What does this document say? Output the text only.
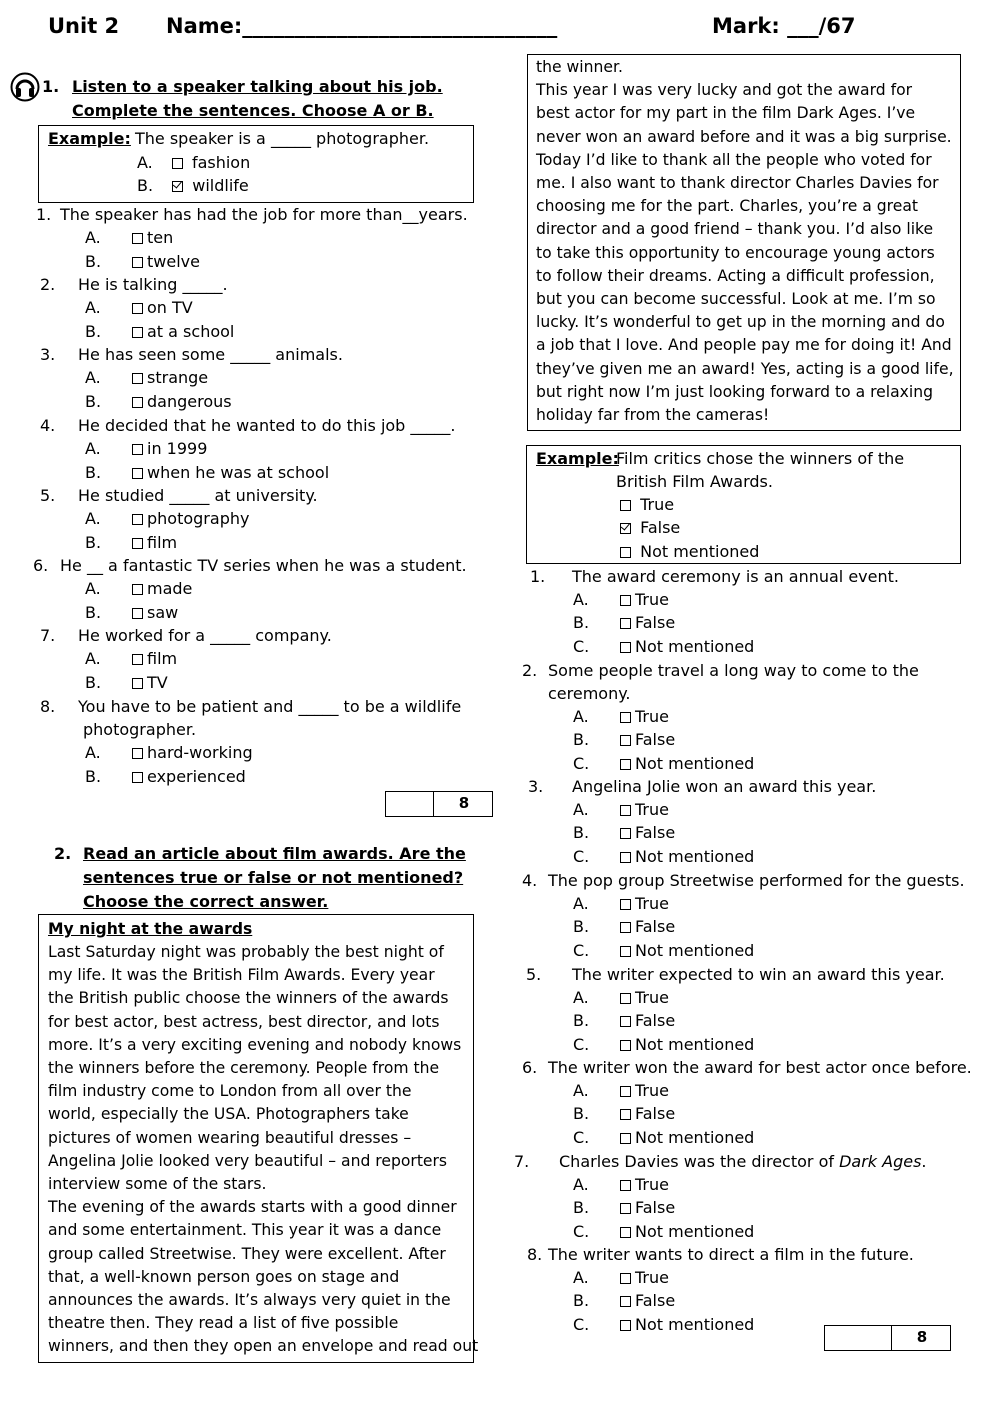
Unit 2 Name:______________________________	Mark: ___/67
1. Listen to a speaker talking about his job.
Complete the sentences. Choose A or B.
Example: The speaker is a _____ photographer.
A. fashion
B. wildlife
1. The speaker has had the job for more than__years.
A.	ten
B.	twelve
2. He is talking _____.
A.	on TV
B.	at a school
3. He has seen some _____ animals.
A.	strange
B.	dangerous
4. He decided that he wanted to do this job _____.
A.	in 1999
B.	when he was at school
5. He studied _____ at university.
A.	photography
B.	film
6. He __ a fantastic TV series when he was a student.
A.	made
B.	saw
7. He worked for a _____ company.
A.	film
B.	TV
8. You have to be patient and _____ to be a wildlife
photographer.
A.	hard-working
B.	experienced
8
2. Read an article about film awards. Are the
sentences true or false or not mentioned?
Choose the correct answer.
My night at the awards
Last Saturday night was probably the best night of
my life. It was the British Film Awards. Every year
the British public choose the winners of the awards
for best actor, best actress, best director, and lots
more. It’s a very exciting evening and nobody knows
the winners before the ceremony. People from the
film industry come to London from all over the
world, especially the USA. Photographers take
pictures of women wearing beautiful dresses –
Angelina Jolie looked very beautiful – and reporters
interview some of the stars.
The evening of the awards starts with a good dinner
and some entertainment. This year it was a dance
group called Streetwise. They were excellent. After
that, a well-known person goes on stage and
announces the awards. It’s always very quiet in the
theatre then. They read a list of five possible
winners, and then they open an envelope and read out
the winner.
This year I was very lucky and got the award for
best actor for my part in the film Dark Ages. I’ve
never won an award before and it was a big surprise.
Today I’d like to thank all the people who voted for
me. I also want to thank director Charles Davies for
choosing me for the part. Charles, you’re a great
director and a good friend – thank you. I’d also like
to take this opportunity to encourage young actors
to follow their dreams. Acting a difficult profession,
but you can become successful. Look at me. I’m so
lucky. It’s wonderful to get up in the morning and do
a job that I love. And people pay me for doing it! And
they’ve given me an award! Yes, acting is a good life,
but right now I’m just looking forward to a relaxing
holiday far from the cameras!
Example:
Film critics chose the winners of the
British Film Awards.
True
False
Not mentioned
1. The award ceremony is an annual event.
A.	True
B.	False
C.	Not mentioned
2. Some people travel a long way to come to the
ceremony.
A.	True
B.	False
C.	Not mentioned
3. Angelina Jolie won an award this year.
A.	True
B.	False
C.	Not mentioned
4. The pop group Streetwise performed for the guests.
A.	True
B.	False
C.	Not mentioned
5. The writer expected to win an award this year.
A.	True
B.	False
C.	Not mentioned
6. The writer won the award for best actor once before.
A.	True
B.	False
C.	Not mentioned
7. Charles Davies was the director of Dark Ages.
A.	True
B.	False
C.	Not mentioned
8. The writer wants to direct a film in the future.
A.	True
B.	False
C.	Not mentioned
8
